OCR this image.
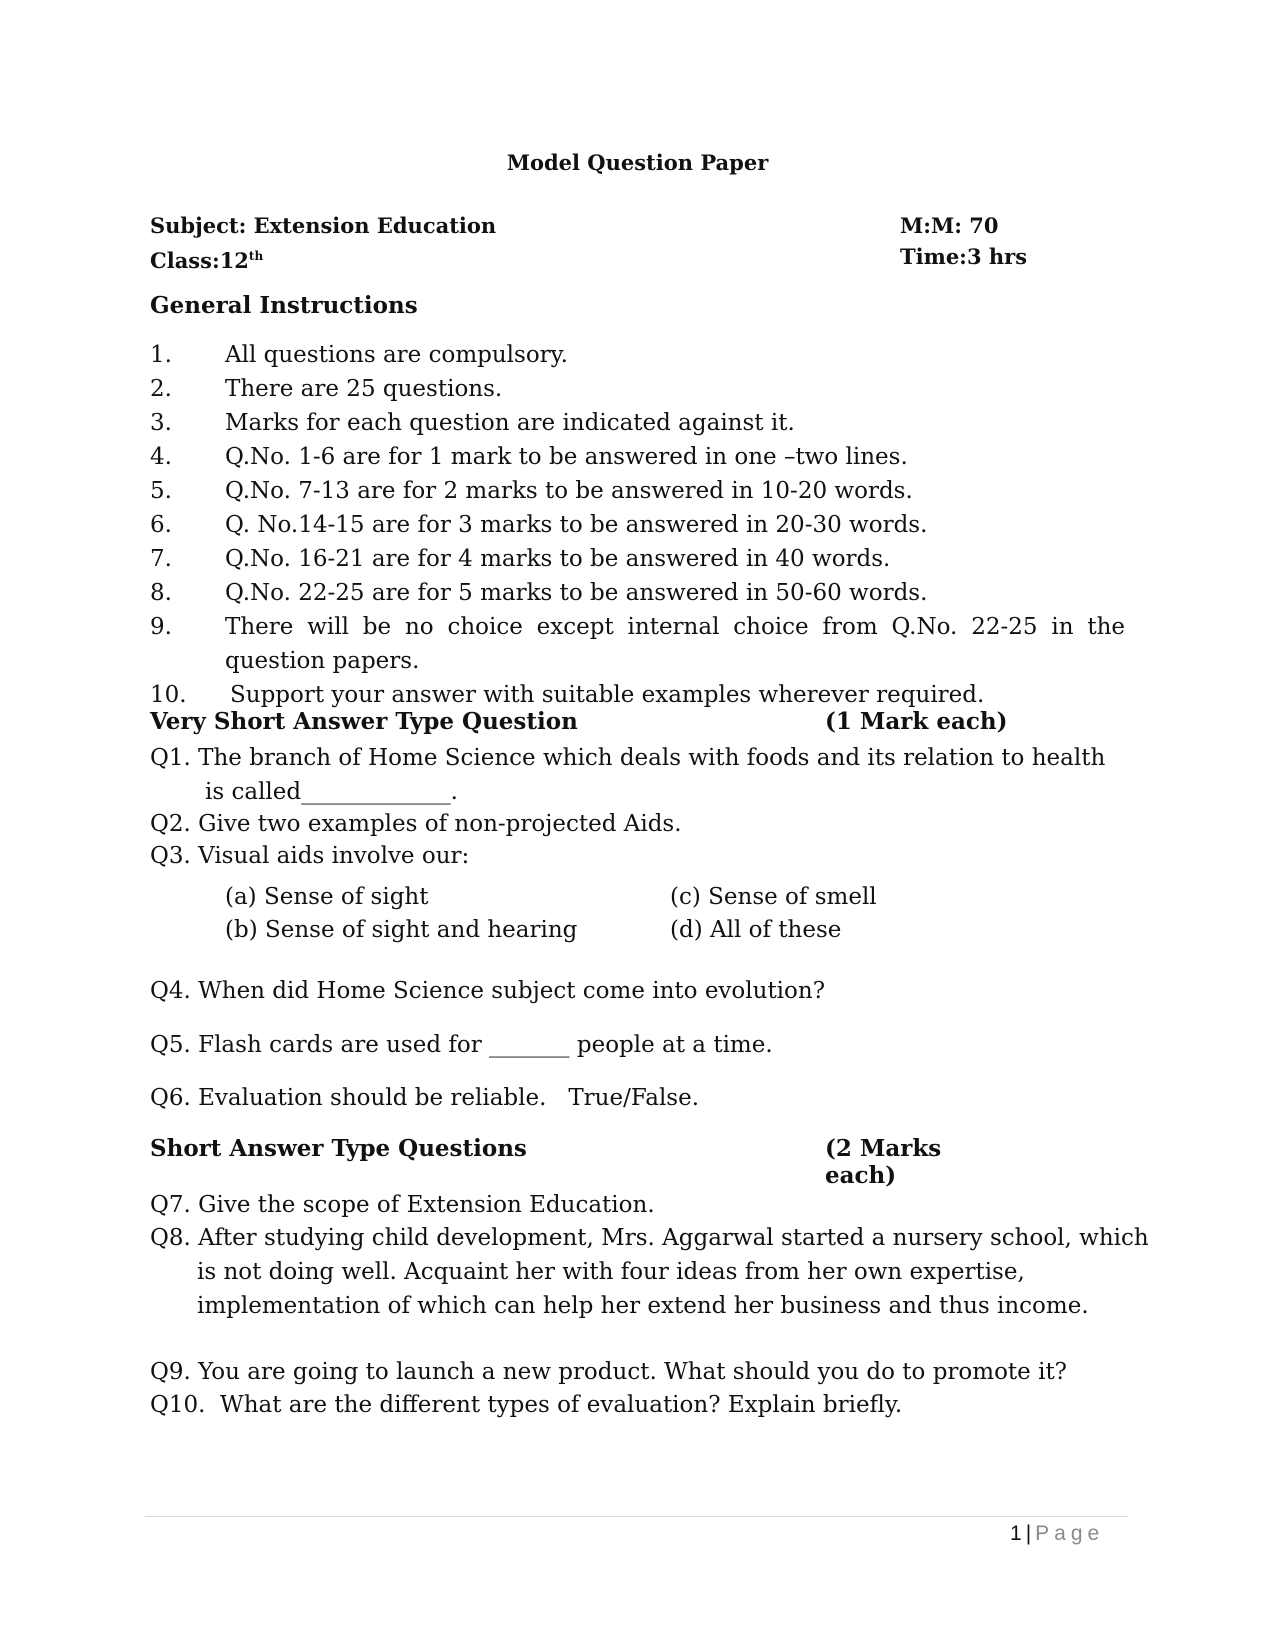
Model Question Paper
Subject: Extension Education
Class:12th
M:M: 70
Time:3 hrs
General Instructions
1.	All questions are compulsory.
2.	There are 25 questions.
3.	Marks for each question are indicated against it.
4.	Q.No. 1-6 are for 1 mark to be answered in one –two lines.
5.	Q.No. 7-13 are for 2 marks to be answered in 10-20 words.
6.	Q. No.14-15 are for 3 marks to be answered in 20-30 words.
7.	Q.No. 16-21 are for 4 marks to be answered in 40 words.
8.	Q.No. 22-25 are for 5 marks to be answered in 50-60 words.
9.	There will be no choice except internal choice from Q.No. 22-25 in the question papers.
10.	Support your answer with suitable examples wherever required.
Very Short Answer Type Question	(1 Mark each)
Q1. The branch of Home Science which deals with foods and its relation to health is called_____________.
Q2. Give two examples of non-projected Aids.
Q3. Visual aids involve our:
(a) Sense of sight
(b) Sense of sight and hearing
(c) Sense of smell
(d) All of these
Q4. When did Home Science subject come into evolution?
Q5. Flash cards are used for _______ people at a time.
Q6. Evaluation should be reliable.   True/False.
Short Answer Type Questions	(2 Marks each)
Q7. Give the scope of Extension Education.
Q8. After studying child development, Mrs. Aggarwal started a nursery school, which is not doing well. Acquaint her with four ideas from her own expertise, implementation of which can help her extend her business and thus income.
Q9. You are going to launch a new product. What should you do to promote it?
Q10.  What are the different types of evaluation? Explain briefly.
1 | Page
